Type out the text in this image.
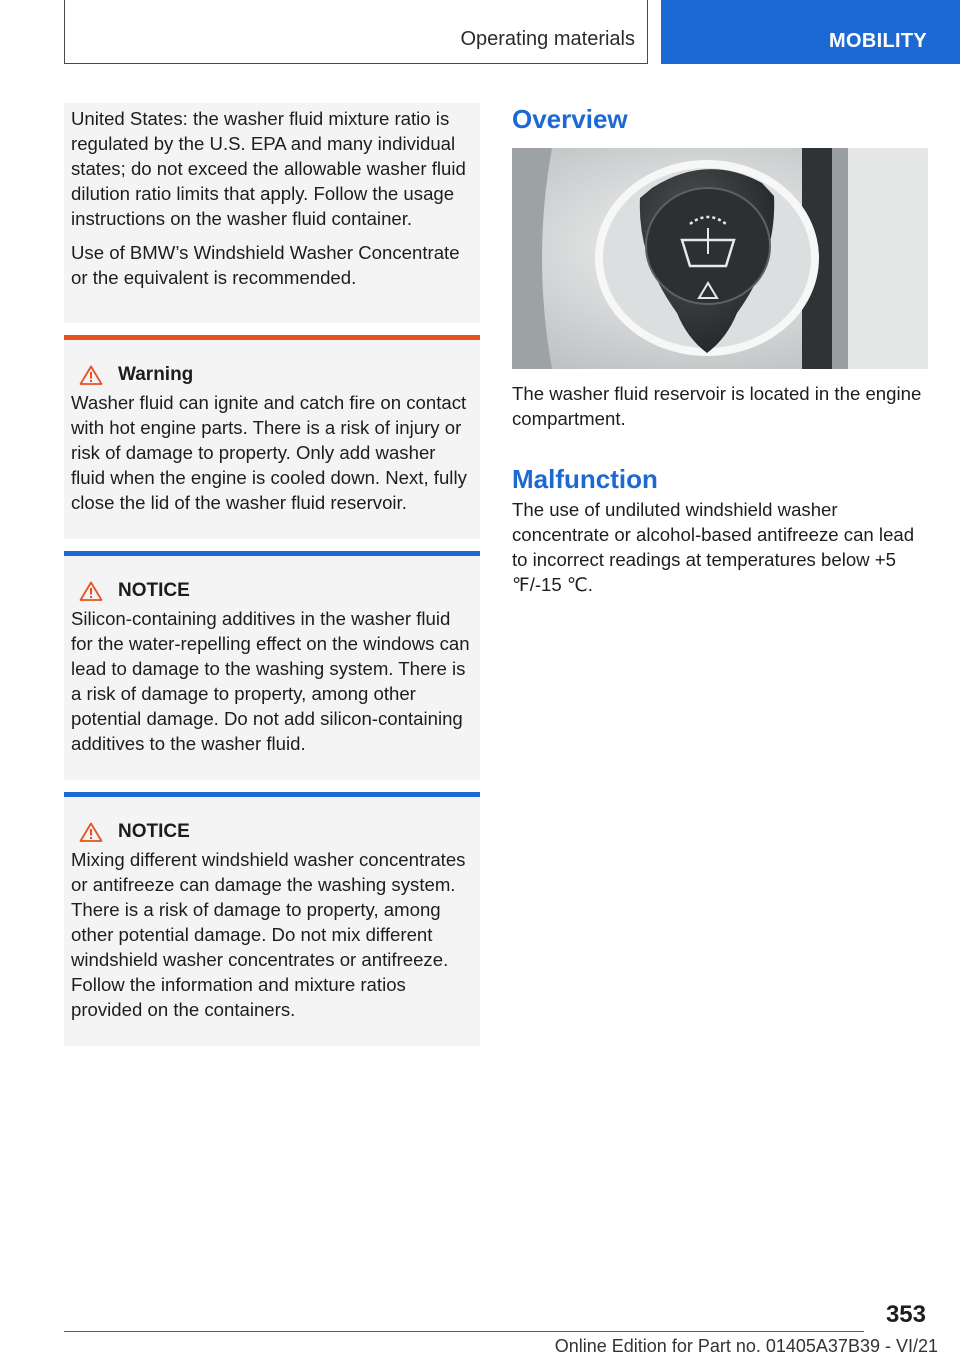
Operating materials	MOBILITY

United States: the washer fluid mixture ratio is regulated by the U.S. EPA and many individual states; do not exceed the allowable washer fluid dilution ratio limits that apply. Follow the usage instructions on the washer fluid container.

Use of BMW’s Windshield Washer Concentrate or the equivalent is recommended.

Warning

Washer fluid can ignite and catch fire on contact with hot engine parts. There is a risk of injury or risk of damage to property. Only add washer fluid when the engine is cooled down. Next, fully close the lid of the washer fluid reservoir.

NOTICE

Silicon-containing additives in the washer fluid for the water-repelling effect on the windows can lead to damage to the washing system. There is a risk of damage to property, among other potential damage. Do not add silicon-containing additives to the washer fluid.

NOTICE

Mixing different windshield washer concentrates or antifreeze can damage the washing system. There is a risk of damage to property, among other potential damage. Do not mix different windshield washer concentrates or antifreeze. Follow the information and mixture ratios provided on the containers.

Overview

The washer fluid reservoir is located in the engine compartment.

Malfunction

The use of undiluted windshield washer concentrate or alcohol-based antifreeze can lead to incorrect readings at temperatures below +5 ℉/-15 ℃.

353
Online Edition for Part no. 01405A37B39 - VI/21
